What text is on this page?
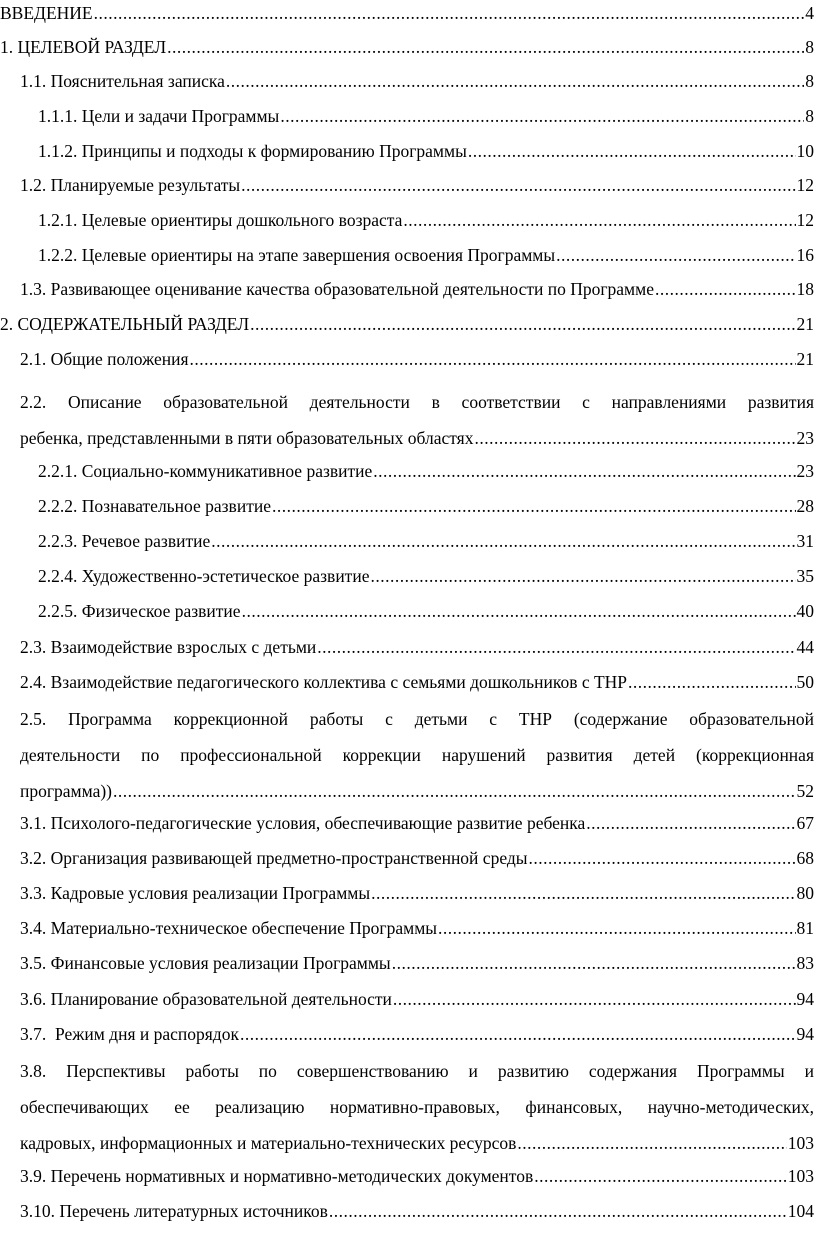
ВВЕДЕНИЕ .....	4
1. ЦЕЛЕВОЙ РАЗДЕЛ .....	8
1.1. Пояснительная записка .....	8
1.1.1. Цели и задачи Программы .....	8
1.1.2. Принципы и подходы к формированию Программы .....	10
1.2. Планируемые результаты .....	12
1.2.1. Целевые ориентиры дошкольного возраста .....	12
1.2.2. Целевые ориентиры на этапе завершения освоения Программы .....	16
1.3. Развивающее оценивание качества образовательной деятельности по Программе .....	18
2. СОДЕРЖАТЕЛЬНЫЙ РАЗДЕЛ .....	21
2.1. Общие положения .....	21
2.2. Описание образовательной деятельности в соответствии с направлениями развития
ребенка, представленными в пяти образовательных областях .....	23
2.2.1. Социально-коммуникативное развитие .....	23
2.2.2. Познавательное развитие .....	28
2.2.3. Речевое развитие .....	31
2.2.4. Художественно-эстетическое развитие .....	35
2.2.5. Физическое развитие .....	40
2.3. Взаимодействие взрослых с детьми .....	44
2.4. Взаимодействие педагогического коллектива с семьями дошкольников с ТНР .....	50
2.5. Программа коррекционной работы с детьми с ТНР (содержание образовательной
деятельности по профессиональной коррекции нарушений развития детей (коррекционная
программа)) .....	52
3.1. Психолого-педагогические условия, обеспечивающие развитие ребенка .....	67
3.2. Организация развивающей предметно-пространственной среды .....	68
3.3. Кадровые условия реализации Программы .....	80
3.4. Материально-техническое обеспечение Программы .....	81
3.5. Финансовые условия реализации Программы .....	83
3.6. Планирование образовательной деятельности .....	94
3.7.  Режим дня и распорядок .....	94
3.8. Перспективы работы по совершенствованию и развитию содержания Программы и
обеспечивающих ее реализацию нормативно-правовых, финансовых, научно-методических,
кадровых, информационных и материально-технических ресурсов .....	103
3.9. Перечень нормативных и нормативно-методических документов .....	103
3.10. Перечень литературных источников .....	104
